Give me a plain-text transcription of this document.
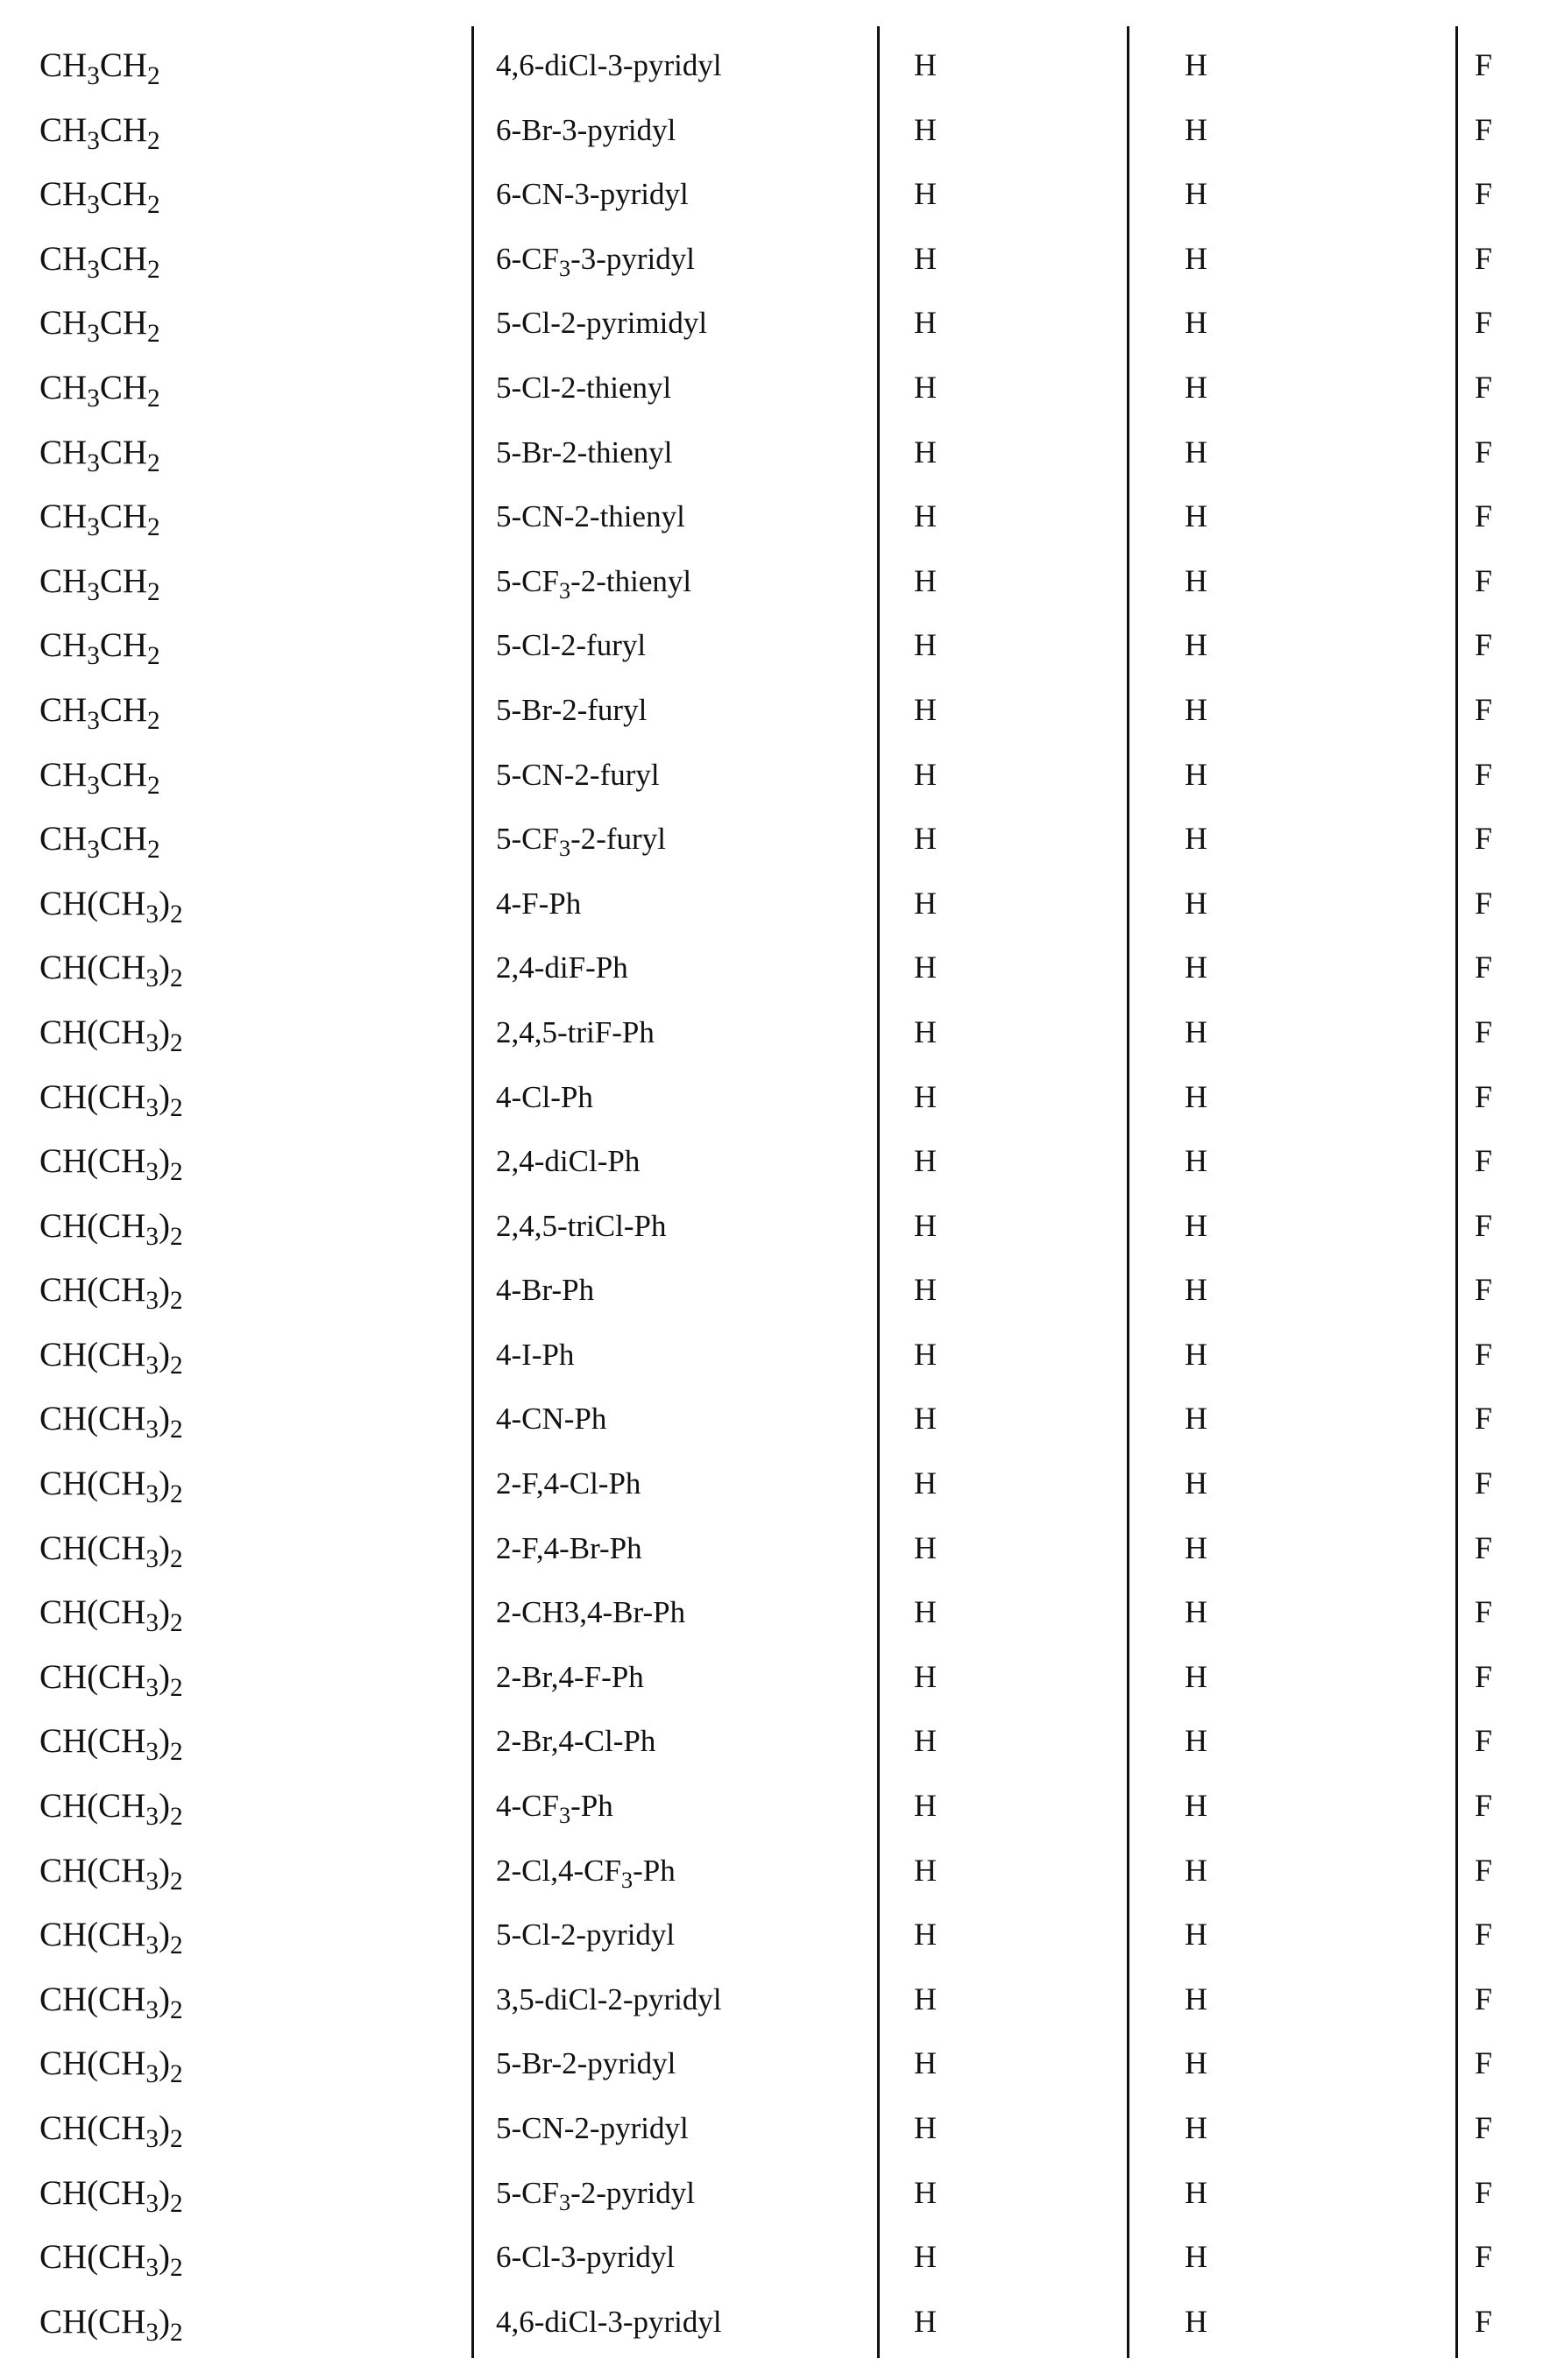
$CH_3CH_2$	4,6-diCl-3-pyridyl	H	H	F
$CH_3CH_2$	6-Br-3-pyridyl	H	H	F
$CH_3CH_2$	6-CN-3-pyridyl	H	H	F
$CH_3CH_2$	$6-CF_3-3$-pyridyl	H	H	F
$CH_3CH_2$	5-Cl-2-pyrimidyl	H	H	F
$CH_3CH_2$	5-Cl-2-thienyl	H	H	F
$CH_3CH_2$	5-Br-2-thienyl	H	H	F
$CH_3CH_2$	5-CN-2-thienyl	H	H	F
$CH_3CH_2$	$5-CF_3-2$-thienyl	H	H	F
$CH_3CH_2$	5-Cl-2-furyl	H	H	F
$CH_3CH_2$	5-Br-2-furyl	H	H	F
$CH_3CH_2$	5-CN-2-furyl	H	H	F
$CH_3CH_2$	$5-CF_3-2$-furyl	H	H	F
$CH(CH_3)_2$	4-F-Ph	H	H	F
$CH(CH_3)_2$	2,4-diF-Ph	H	H	F
$CH(CH_3)_2$	2,4,5-triF-Ph	H	H	F
$CH(CH_3)_2$	4-Cl-Ph	H	H	F
$CH(CH_3)_2$	2,4-diCl-Ph	H	H	F
$CH(CH_3)_2$	2,4,5-triCl-Ph	H	H	F
$CH(CH_3)_2$	4-Br-Ph	H	H	F
$CH(CH_3)_2$	4-I-Ph	H	H	F
$CH(CH_3)_2$	4-CN-Ph	H	H	F
$CH(CH_3)_2$	2-F,4-Cl-Ph	H	H	F
$CH(CH_3)_2$	2-F,4-Br-Ph	H	H	F
$CH(CH_3)_2$	2-CH3,4-Br-Ph	H	H	F
$CH(CH_3)_2$	2-Br,4-F-Ph	H	H	F
$CH(CH_3)_2$	2-Br,4-Cl-Ph	H	H	F
$CH(CH_3)_2$	$4-CF_3-Ph$	H	H	F
$CH(CH_3)_2$	$2-Cl,4-CF_3-Ph$	H	H	F
$CH(CH_3)_2$	5-Cl-2-pyridyl	H	H	F
$CH(CH_3)_2$	3,5-diCl-2-pyridyl	H	H	F
$CH(CH_3)_2$	5-Br-2-pyridyl	H	H	F
$CH(CH_3)_2$	5-CN-2-pyridyl	H	H	F
$CH(CH_3)_2$	$5-CF_3-2$-pyridyl	H	H	F
$CH(CH_3)_2$	6-Cl-3-pyridyl	H	H	F
$CH(CH_3)_2$	4,6-diCl-3-pyridyl	H	H	F
